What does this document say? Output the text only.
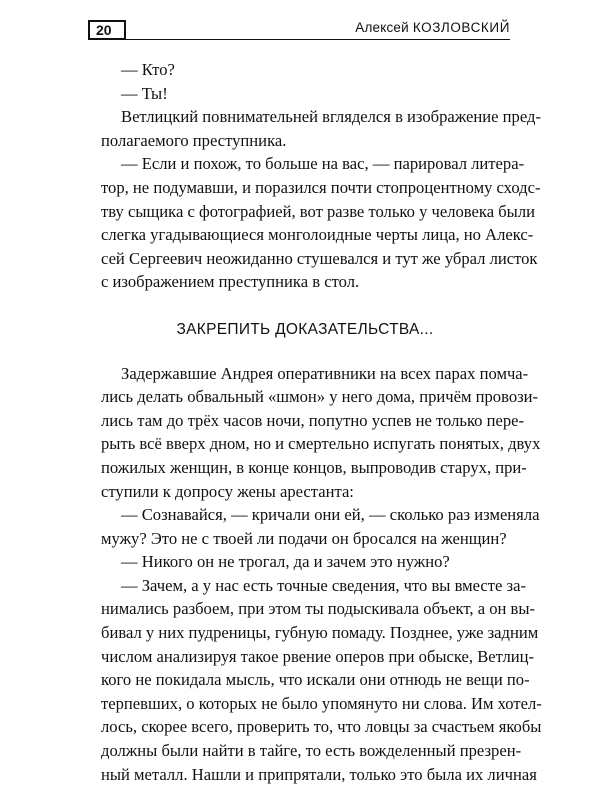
20	Алексей КОЗЛОВСКИЙ

— Кто?

— Ты!

Ветлицкий повнимательней вгляделся в изображение пред-

полагаемого преступника.

— Если и похож, то больше на вас, — парировал литера-

тор, не подумавши, и поразился почти стопроцентному сходс-

тву сыщика с фотографией, вот разве только у человека были

слегка угадывающиеся монголоидные черты лица, но Алекс-

сей Сергеевич неожиданно стушевался и тут же убрал листок

с изображением преступника в стол.

ЗАКРЕПИТЬ ДОКАЗАТЕЛЬСТВА...

Задержавшие Андрея оперативники на всех парах помча-

лись делать обвальный «шмон» у него дома, причём провози-

лись там до трёх часов ночи, попутно успев не только пере-

рыть всё вверх дном, но и смертельно испугать понятых, двух

пожилых женщин, в конце концов, выпроводив старух, при-

ступили к допросу жены арестанта:

— Сознавайся, — кричали они ей, — сколько раз изменяла

мужу? Это не с твоей ли подачи он бросался на женщин?

— Никого он не трогал, да и зачем это нужно?

— Зачем, а у нас есть точные сведения, что вы вместе за-

нимались разбоем, при этом ты подыскивала объект, а он вы-

бивал у них пудреницы, губную помаду. Позднее, уже задним

числом анализируя такое рвение оперов при обыске, Ветлиц-

кого не покидала мысль, что искали они отнюдь не вещи по-

терпевших, о которых не было упомянуто ни слова. Им хотел-

лось, скорее всего, проверить то, что ловцы за счастьем якобы

должны были найти в тайге, то есть вожделенный презрен-

ный металл. Нашли и припрятали, только это была их личная
